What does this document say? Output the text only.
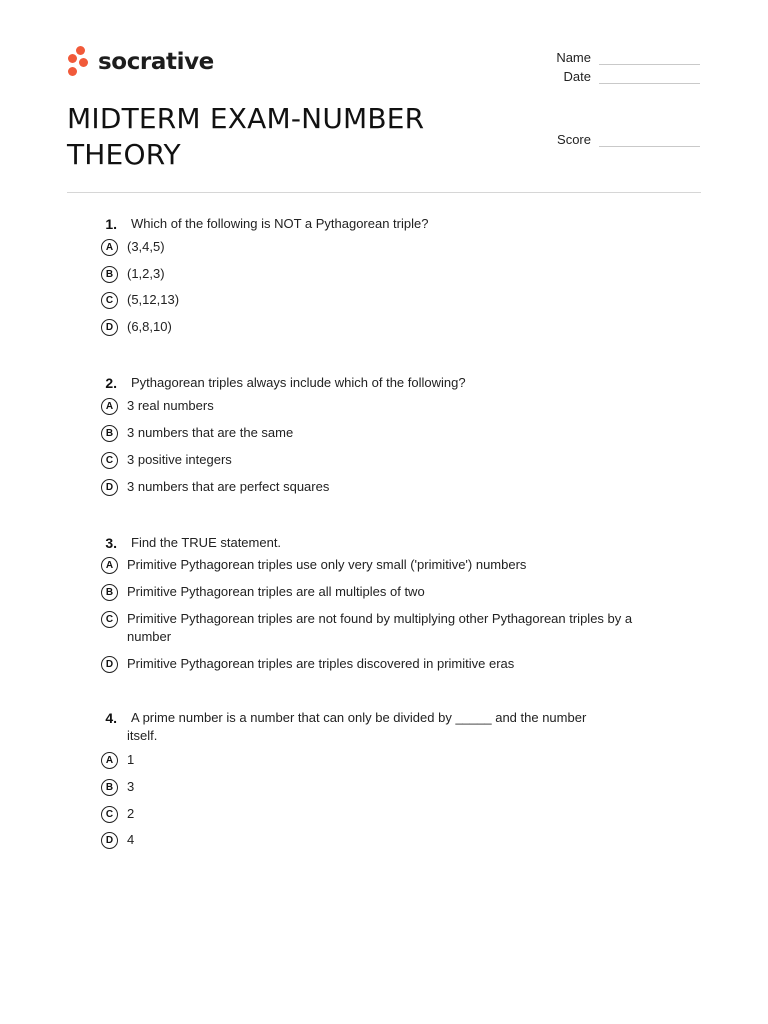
socrative	Name
Date
Score
MIDTERM EXAM-NUMBER THEORY
1. Which of the following is NOT a Pythagorean triple?
A	(3,4,5)
B	(1,2,3)
C	(5,12,13)
D	(6,8,10)
2. Pythagorean triples always include which of the following?
A	3 real numbers
B	3 numbers that are the same
C	3 positive integers
D	3 numbers that are perfect squares
3. Find the TRUE statement.
A	Primitive Pythagorean triples use only very small ('primitive') numbers
B	Primitive Pythagorean triples are all multiples of two
C	Primitive Pythagorean triples are not found by multiplying other Pythagorean triples by a number
D	Primitive Pythagorean triples are triples discovered in primitive eras
4.	A prime number is a number that can only be divided by _____ and the number itself.
A	1
B	3
C	2
D	4
